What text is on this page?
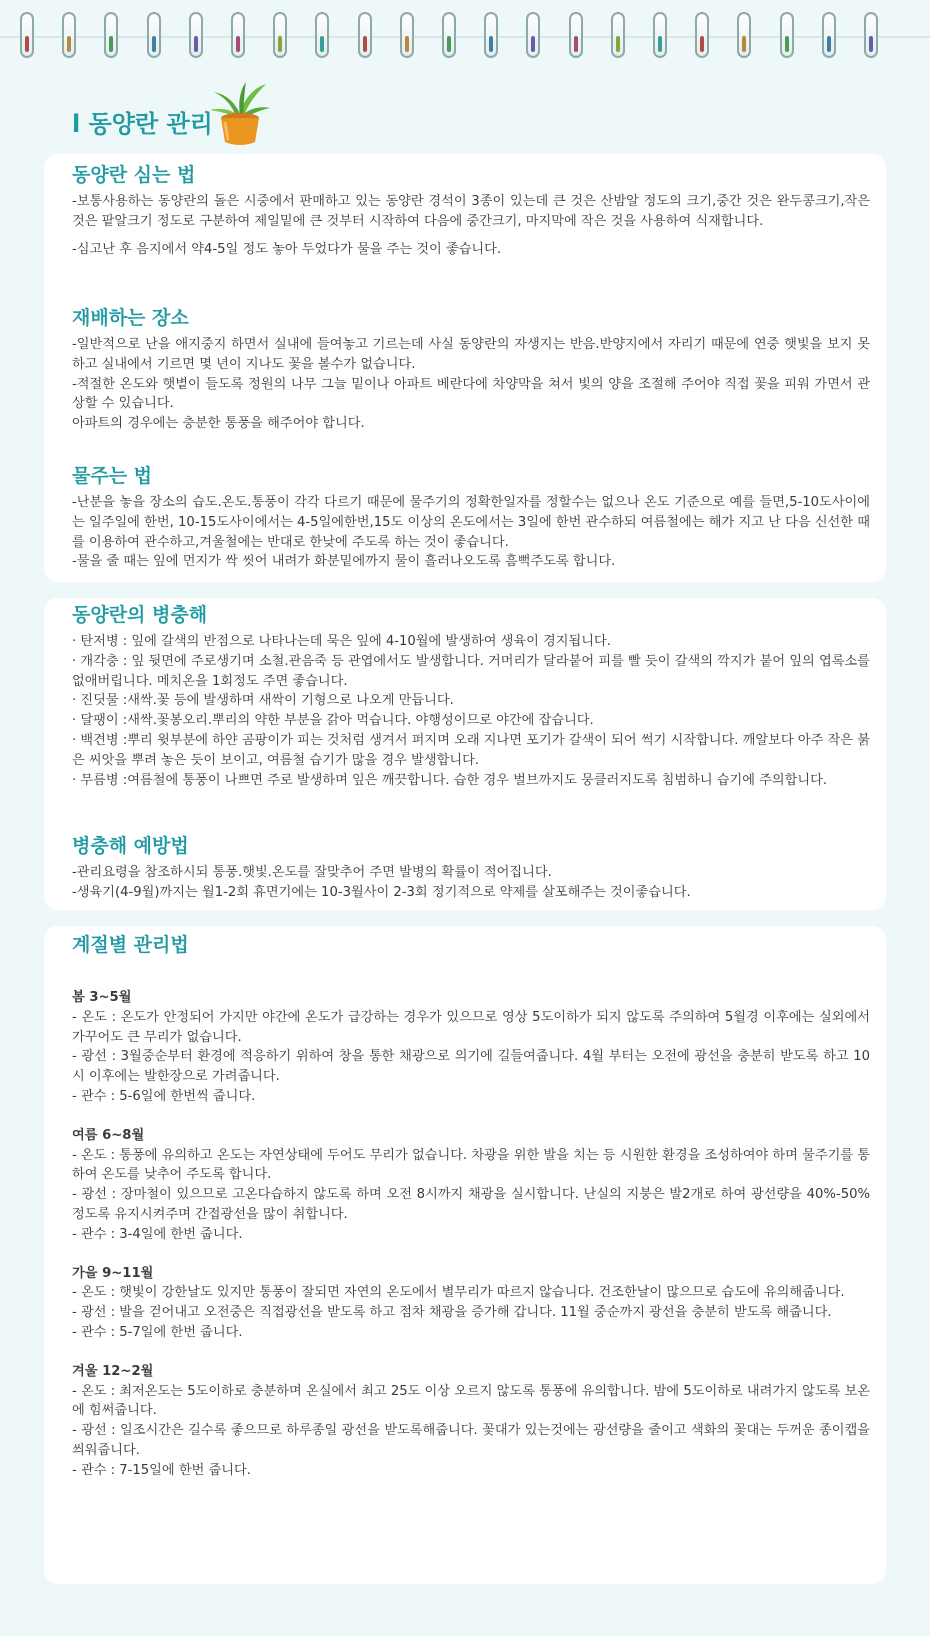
l 동양란 관리
동양란 심는 법

-보통사용하는 동양란의 돌은 시중에서 판매하고 있는 동양란 경석이 3종이 있는데 큰 것은 산밤알 정도의 크기,중간 것은 완두콩크기,작은 것은 팥알크기 정도로 구분하여 제일밑에 큰 것부터 시작하여 다음에 중간크기, 마지막에 작은 것을 사용하여 식재합니다.

-심고난 후 음지에서 약4-5일 정도 놓아 두었다가 물을 주는 것이 좋습니다.

재배하는 장소

-일반적으로 난을 애지중지 하면서 실내에 들여놓고 기르는데 사실 동양란의 자생지는 반음.반양지에서 자리기 때문에 연중 햇빛을 보지 못하고 실내에서 기르면 몇 년이 지나도 꽃을 볼수가 없습니다.

-적절한 온도와 햇볕이 들도록 정원의 나무 그늘 밑이나 아파트 베란다에 차양막을 쳐서 빛의 양을 조절해 주어야 직접 꽃을 피워 가면서 관상할 수 있습니다.

아파트의 경우에는 충분한 통풍을 해주어야 합니다.

물주는 법

-난분을 놓을 장소의 습도.온도.통풍이 각각 다르기 때문에 물주기의 정확한일자를 정할수는 없으나 온도 기준으로 예를 들면,5-10도사이에는 일주일에 한번, 10-15도사이에서는 4-5일에한번,15도 이상의 온도에서는 3일에 한번 관수하되 여름철에는 해가 지고 난 다음 신선한 때를 이용하여 관수하고,겨울철에는 반대로 한낮에 주도록 하는 것이 좋습니다.

-물을 줄 때는 잎에 먼지가 싹 씻어 내려가 화분밑에까지 물이 흘러나오도록 흠뻑주도록 합니다.

동양란의 병충해

· 탄저병 : 잎에 갈색의 반점으로 나타나는데 묵은 잎에 4-10월에 발생하여 생육이 경지됩니다.

· 개각충 : 잎 뒷면에 주로생기며 소철.관음죽 등 관엽에서도 발생합니다. 거머리가 달라붙어 피를 빨 듯이 갈색의 깍지가 붙어 잎의 엽록소를 없애버립니다. 메치온을 1회정도 주면 좋습니다.

· 진딧물 :새싹.꽃 등에 발생하며 새싹이 기형으로 나오게 만듭니다.

· 달팽이 :새싹.꽃봉오리.뿌리의 약한 부분을 갉아 먹습니다. 야행성이므로 야간에 잡습니다.

· 백견병 :뿌리 윗부분에 하얀 곰팡이가 피는 것처럼 생겨서 퍼지며 오래 지나면 포기가 갈색이 되어 썩기 시작합니다. 깨알보다 아주 작은 붉은 씨앗을 뿌려 놓은 듯이 보이고, 여름철 습기가 많을 경우 발생합니다.

· 무름병 :여름철에 통풍이 나쁘면 주로 발생하며 잎은 깨끗합니다. 습한 경우 벌브까지도 뭉클러지도록 침범하니 습기에 주의합니다.

병충해 예방법

-관리요령을 참조하시되 통풍.햇빛.온도를 잘맞추어 주면 발병의 확률이 적어집니다.

-생육기(4-9월)까지는 월1-2회 휴면기에는 10-3월사이 2-3회 정기적으로 약제를 살포해주는 것이좋습니다.

계절별 관리법

봄 3~5월

- 온도 : 온도가 안정되어 가지만 야간에 온도가 급강하는 경우가 있으므로 영상 5도이하가 되지 않도록 주의하여 5월경 이후에는 실외에서 가꾸어도 큰 무리가 없습니다.

- 광선 : 3월중순부터 환경에 적응하기 위하여 창을 통한 채광으로 의기에 길들여줍니다. 4월 부터는 오전에 광선을 충분히 받도록 하고 10시 이후에는 발한장으로 가려줍니다.

- 관수 : 5-6일에 한번씩 줍니다.

여름 6~8월

- 온도 : 통풍에 유의하고 온도는 자연상태에 두어도 무리가 없습니다. 차광을 위한 발을 치는 등 시원한 환경을 조성하여야 하며 물주기를 통하여 온도를 낮추어 주도록 합니다.

- 광선 : 장마철이 있으므로 고온다습하지 않도록 하며 오전 8시까지 채광을 실시합니다. 난실의 지붕은 발2개로 하여 광선량을 40%-50%정도록 유지시켜주며 간접광선을 많이 취합니다.

- 관수 : 3-4일에 한번 줍니다.

가을 9~11월

- 온도 : 햇빛이 강한날도 있지만 통풍이 잘되면 자연의 온도에서 별무리가 따르지 않습니다. 건조한날이 많으므로 습도에 유의해줍니다.

- 광선 : 발을 걷어내고 오전중은 직접광선을 받도록 하고 점차 채광을 증가해 갑니다. 11월 중순까지 광선을 충분히 받도록 해줍니다.

- 관수 : 5-7일에 한번 줍니다.

겨울 12~2월

- 온도 : 최저온도는 5도이하로 충분하며 온실에서 최고 25도 이상 오르지 않도록 통풍에 유의합니다. 밤에 5도이하로 내려가지 않도록 보온에 힘써줍니다.

- 광선 : 일조시간은 길수록 좋으므로 하루종일 광선을 받도록해줍니다. 꽃대가 있는것에는 광선량을 줄이고 색화의 꽃대는 두꺼운 종이캡을 씌워줍니다.

- 관수 : 7-15일에 한번 줍니다.
